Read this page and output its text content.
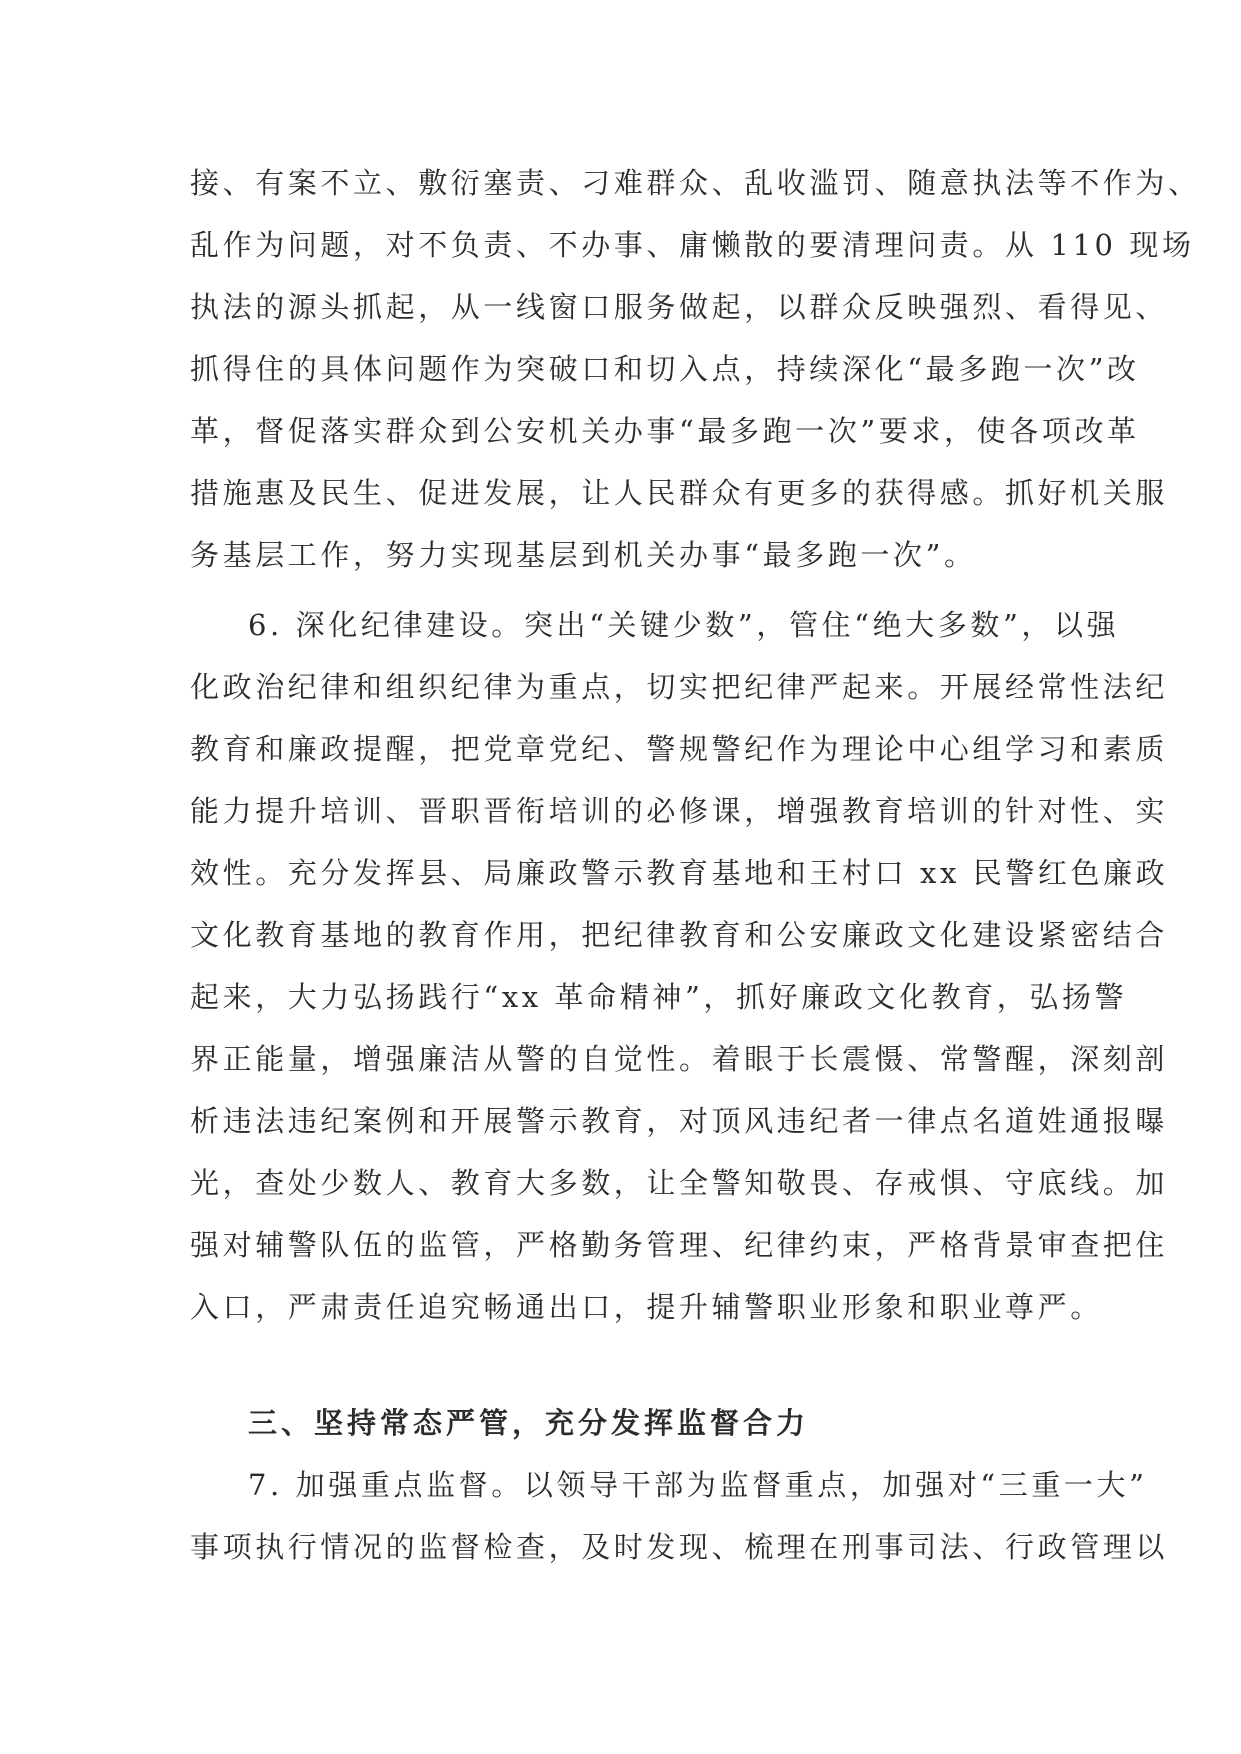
接、有案不立、敷衍塞责、刁难群众、乱收滥罚、随意执法等不作为、
乱作为问题，对不负责、不办事、庸懒散的要清理问责。从 110 现场
执法的源头抓起，从一线窗口服务做起，以群众反映强烈、看得见、
抓得住的具体问题作为突破口和切入点，持续深化“最多跑一次”改
革，督促落实群众到公安机关办事“最多跑一次”要求，使各项改革
措施惠及民生、促进发展，让人民群众有更多的获得感。抓好机关服
务基层工作，努力实现基层到机关办事“最多跑一次”。
6. 深化纪律建设。突出“关键少数”，管住“绝大多数”，以强
化政治纪律和组织纪律为重点，切实把纪律严起来。开展经常性法纪
教育和廉政提醒，把党章党纪、警规警纪作为理论中心组学习和素质
能力提升培训、晋职晋衔培训的必修课，增强教育培训的针对性、实
效性。充分发挥县、局廉政警示教育基地和王村口 xx 民警红色廉政
文化教育基地的教育作用，把纪律教育和公安廉政文化建设紧密结合
起来，大力弘扬践行“xx 革命精神”，抓好廉政文化教育，弘扬警
界正能量，增强廉洁从警的自觉性。着眼于长震慑、常警醒，深刻剖
析违法违纪案例和开展警示教育，对顶风违纪者一律点名道姓通报曝
光，查处少数人、教育大多数，让全警知敬畏、存戒惧、守底线。加
强对辅警队伍的监管，严格勤务管理、纪律约束，严格背景审查把住
入口，严肃责任追究畅通出口，提升辅警职业形象和职业尊严。
三、坚持常态严管，充分发挥监督合力
7. 加强重点监督。以领导干部为监督重点，加强对“三重一大”
事项执行情况的监督检查，及时发现、梳理在刑事司法、行政管理以
